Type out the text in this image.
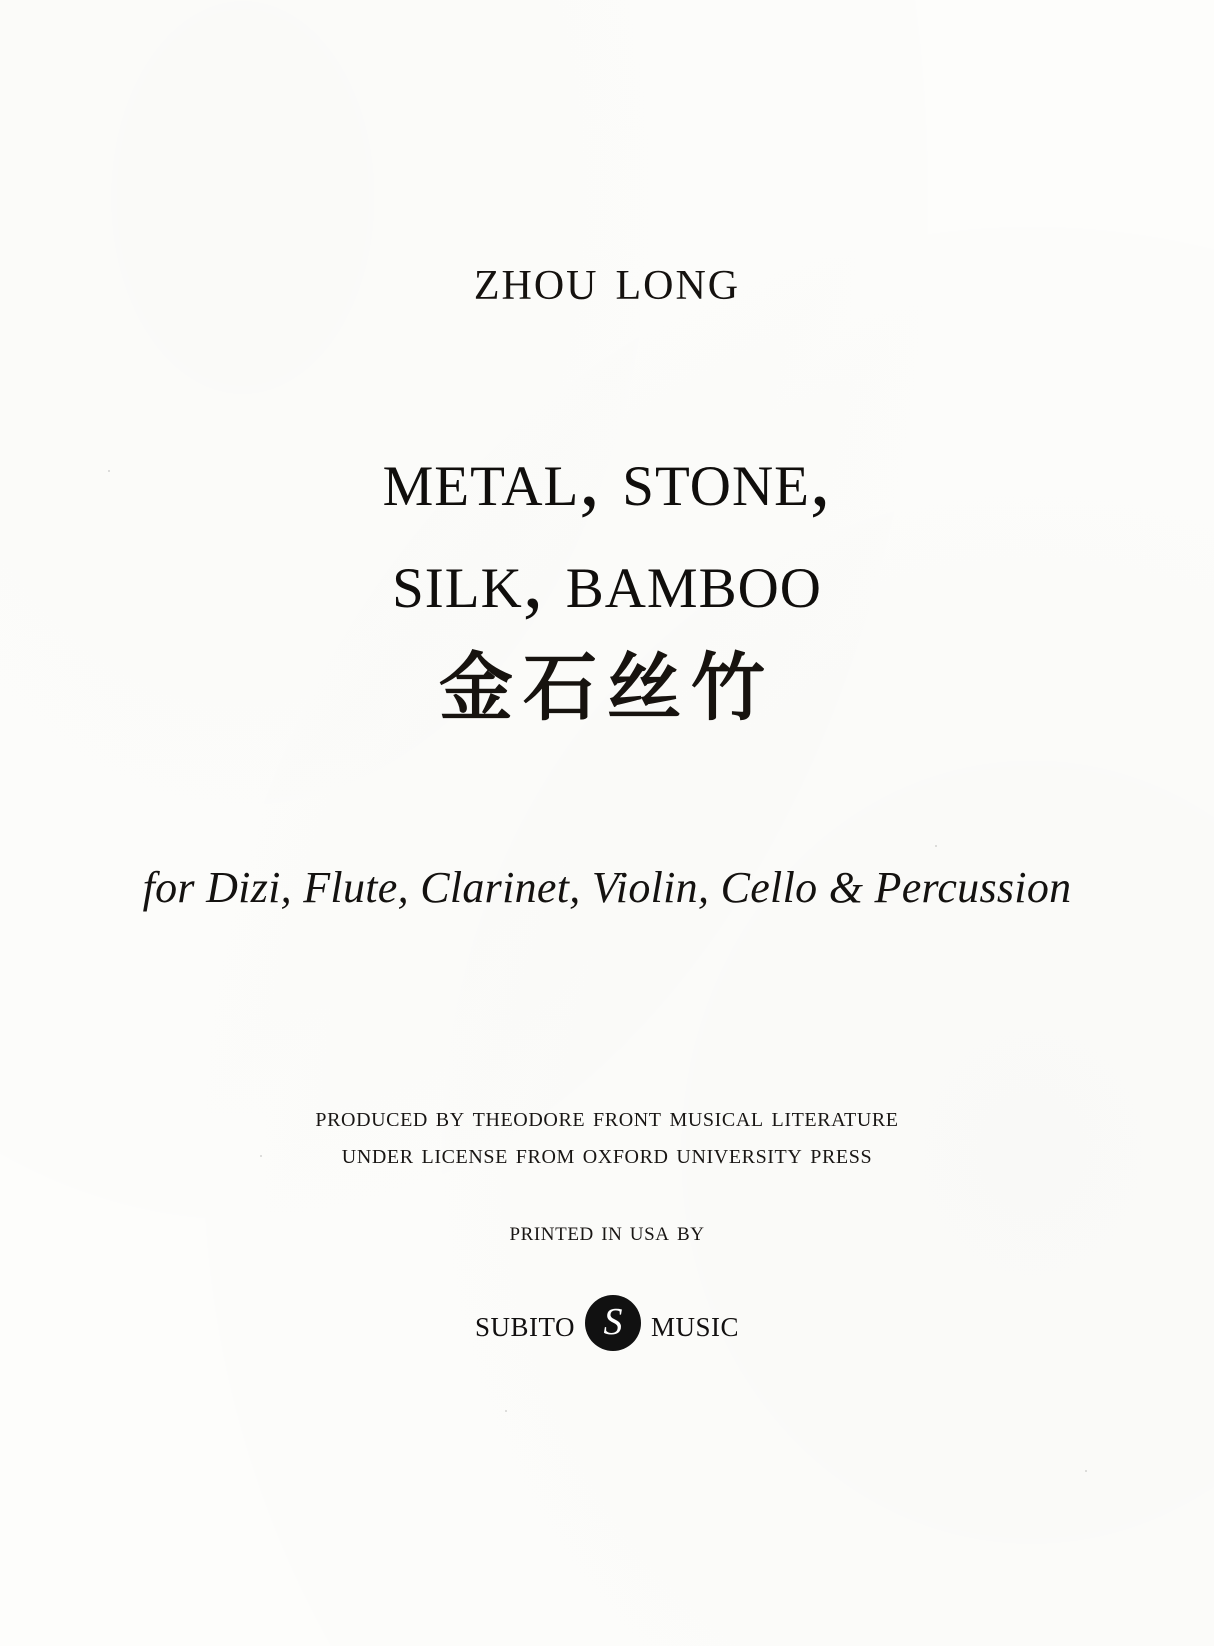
zhou long
metal, stone,
silk, bamboo
金石丝竹
for Dizi, Flute, Clarinet, Violin, Cello & Percussion
produced by theodore front musical literature
under license from oxford university press
printed in usa by
subito S music
